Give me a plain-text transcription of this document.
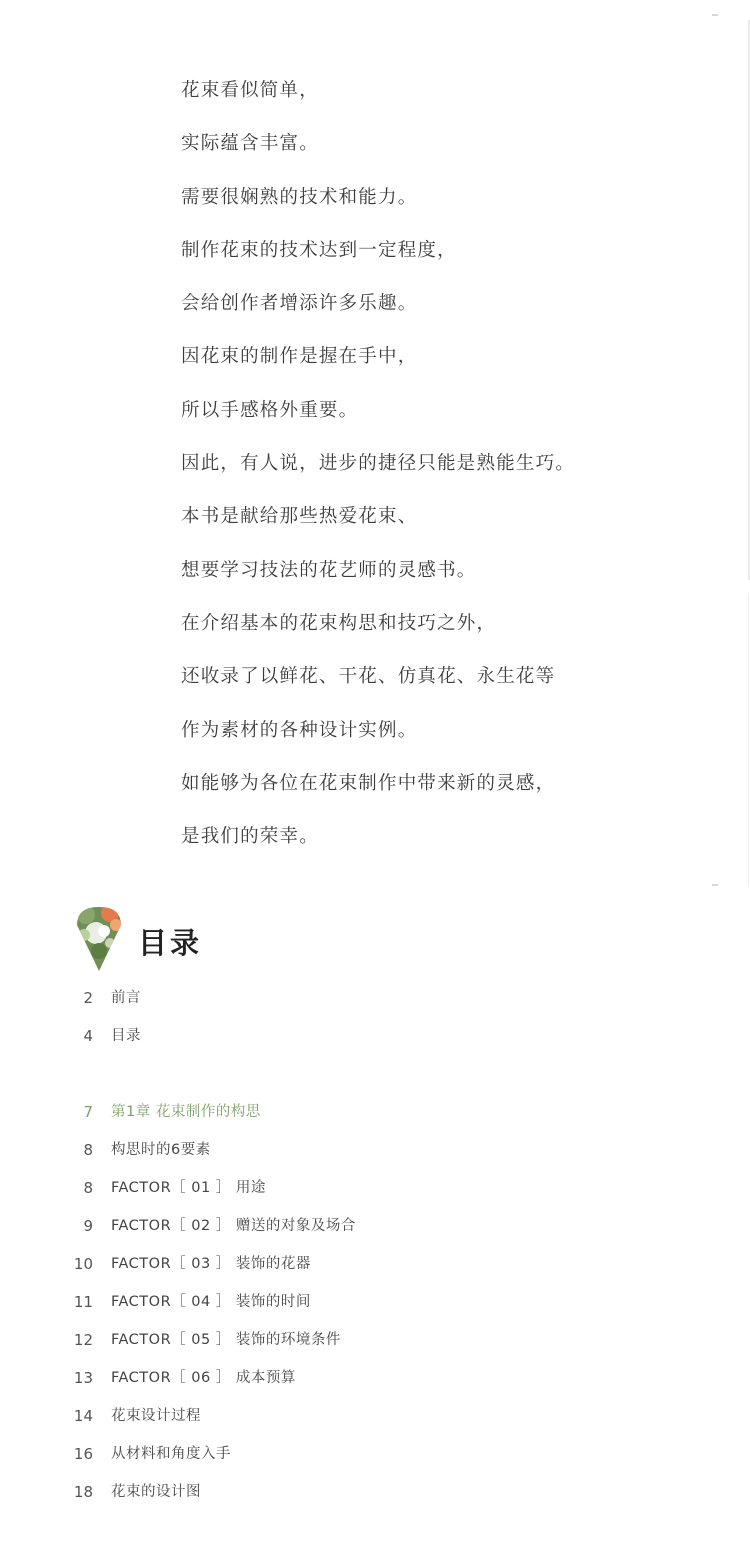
花束看似简单，
实际蕴含丰富。
需要很娴熟的技术和能力。
制作花束的技术达到一定程度，
会给创作者增添许多乐趣。
因花束的制作是握在手中，
所以手感格外重要。
因此，有人说，进步的捷径只能是熟能生巧。
本书是献给那些热爱花束、
想要学习技法的花艺师的灵感书。
在介绍基本的花束构思和技巧之外，
还收录了以鲜花、干花、仿真花、永生花等
作为素材的各种设计实例。
如能够为各位在花束制作中带来新的灵感，
是我们的荣幸。
目录
2 前言
4 目录
7 第1章 花束制作的构思
8 构思时的6要素
8 FACTOR［ 01 ］ 用途
9 FACTOR［ 02 ］ 赠送的对象及场合
10 FACTOR［ 03 ］ 装饰的花器
11 FACTOR［ 04 ］ 装饰的时间
12 FACTOR［ 05 ］ 装饰的环境条件
13 FACTOR［ 06 ］ 成本预算
14 花束设计过程
16 从材料和角度入手
18 花束的设计图
